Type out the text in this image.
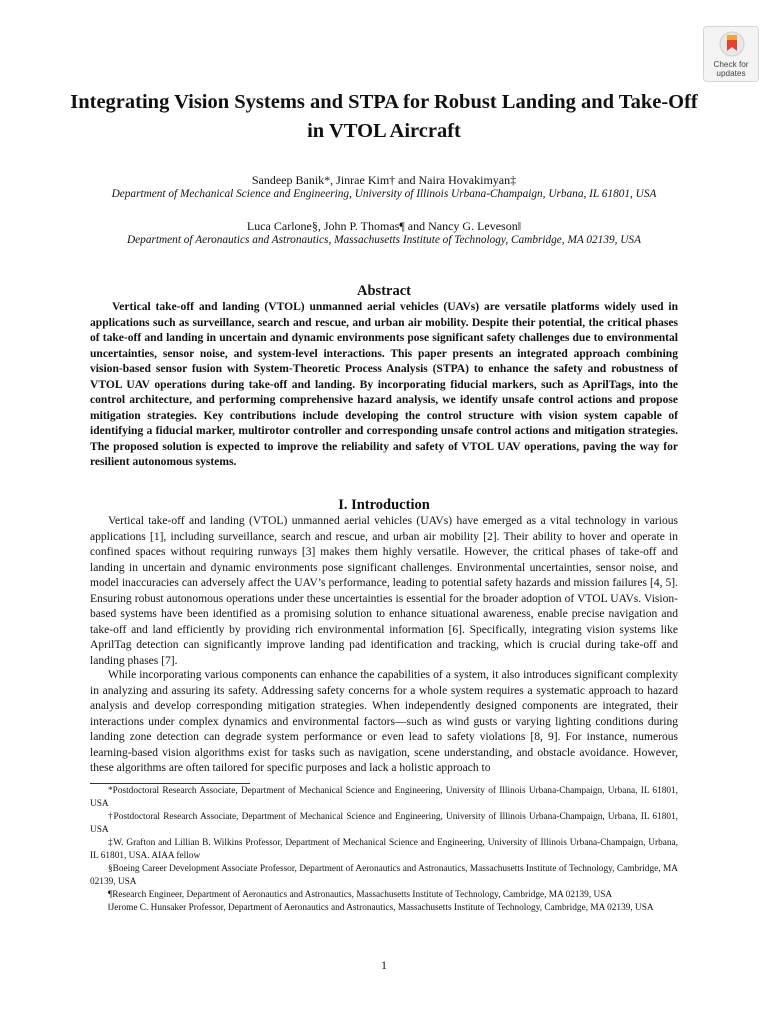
Check for
updates
Integrating Vision Systems and STPA for Robust Landing and Take-Off in VTOL Aircraft

Sandeep Banik*, Jinrae Kim† and Naira Hovakimyan‡

Department of Mechanical Science and Engineering, University of Illinois Urbana-Champaign, Urbana, IL 61801, USA

Luca Carlone§, John P. Thomas¶ and Nancy G. Leveson‖

Department of Aeronautics and Astronautics, Massachusetts Institute of Technology, Cambridge, MA 02139, USA

Abstract

Vertical take-off and landing (VTOL) unmanned aerial vehicles (UAVs) are versatile platforms widely used in applications such as surveillance, search and rescue, and urban air mobility. Despite their potential, the critical phases of take-off and landing in uncertain and dynamic environments pose significant safety challenges due to environmental uncertainties, sensor noise, and system-level interactions. This paper presents an integrated approach combining vision-based sensor fusion with System-Theoretic Process Analysis (STPA) to enhance the safety and robustness of VTOL UAV operations during take-off and landing. By incorporating fiducial markers, such as AprilTags, into the control architecture, and performing comprehensive hazard analysis, we identify unsafe control actions and propose mitigation strategies. Key contributions include developing the control structure with vision system capable of identifying a fiducial marker, multirotor controller and corresponding unsafe control actions and mitigation strategies. The proposed solution is expected to improve the reliability and safety of VTOL UAV operations, paving the way for resilient autonomous systems.

I. Introduction

Vertical take-off and landing (VTOL) unmanned aerial vehicles (UAVs) have emerged as a vital technology in various applications [1], including surveillance, search and rescue, and urban air mobility [2]. Their ability to hover and operate in confined spaces without requiring runways [3] makes them highly versatile. However, the critical phases of take-off and landing in uncertain and dynamic environments pose significant challenges. Environmental uncertainties, sensor noise, and model inaccuracies can adversely affect the UAV’s performance, leading to potential safety hazards and mission failures [4, 5]. Ensuring robust autonomous operations under these uncertainties is essential for the broader adoption of VTOL UAVs. Vision-based systems have been identified as a promising solution to enhance situational awareness, enable precise navigation and take-off and land efficiently by providing rich environmental information [6]. Specifically, integrating vision systems like AprilTag detection can significantly improve landing pad identification and tracking, which is crucial during take-off and landing phases [7].

While incorporating various components can enhance the capabilities of a system, it also introduces significant complexity in analyzing and assuring its safety. Addressing safety concerns for a whole system requires a systematic approach to hazard analysis and develop corresponding mitigation strategies. When independently designed components are integrated, their interactions under complex dynamics and environmental factors—such as wind gusts or varying lighting conditions during landing zone detection can degrade system performance or even lead to safety violations [8, 9]. For instance, numerous learning-based vision algorithms exist for tasks such as navigation, scene understanding, and obstacle avoidance. However, these algorithms are often tailored for specific purposes and lack a holistic approach to

*Postdoctoral Research Associate, Department of Mechanical Science and Engineering, University of Illinois Urbana-Champaign, Urbana, IL 61801, USA

†Postdoctoral Research Associate, Department of Mechanical Science and Engineering, University of Illinois Urbana-Champaign, Urbana, IL 61801, USA

‡W. Grafton and Lillian B. Wilkins Professor, Department of Mechanical Science and Engineering, University of Illinois Urbana-Champaign, Urbana, IL 61801, USA. AIAA fellow

§Boeing Career Development Associate Professor, Department of Aeronautics and Astronautics, Massachusetts Institute of Technology, Cambridge, MA 02139, USA

¶Research Engineer, Department of Aeronautics and Astronautics, Massachusetts Institute of Technology, Cambridge, MA 02139, USA

‖Jerome C. Hunsaker Professor, Department of Aeronautics and Astronautics, Massachusetts Institute of Technology, Cambridge, MA 02139, USA

1
